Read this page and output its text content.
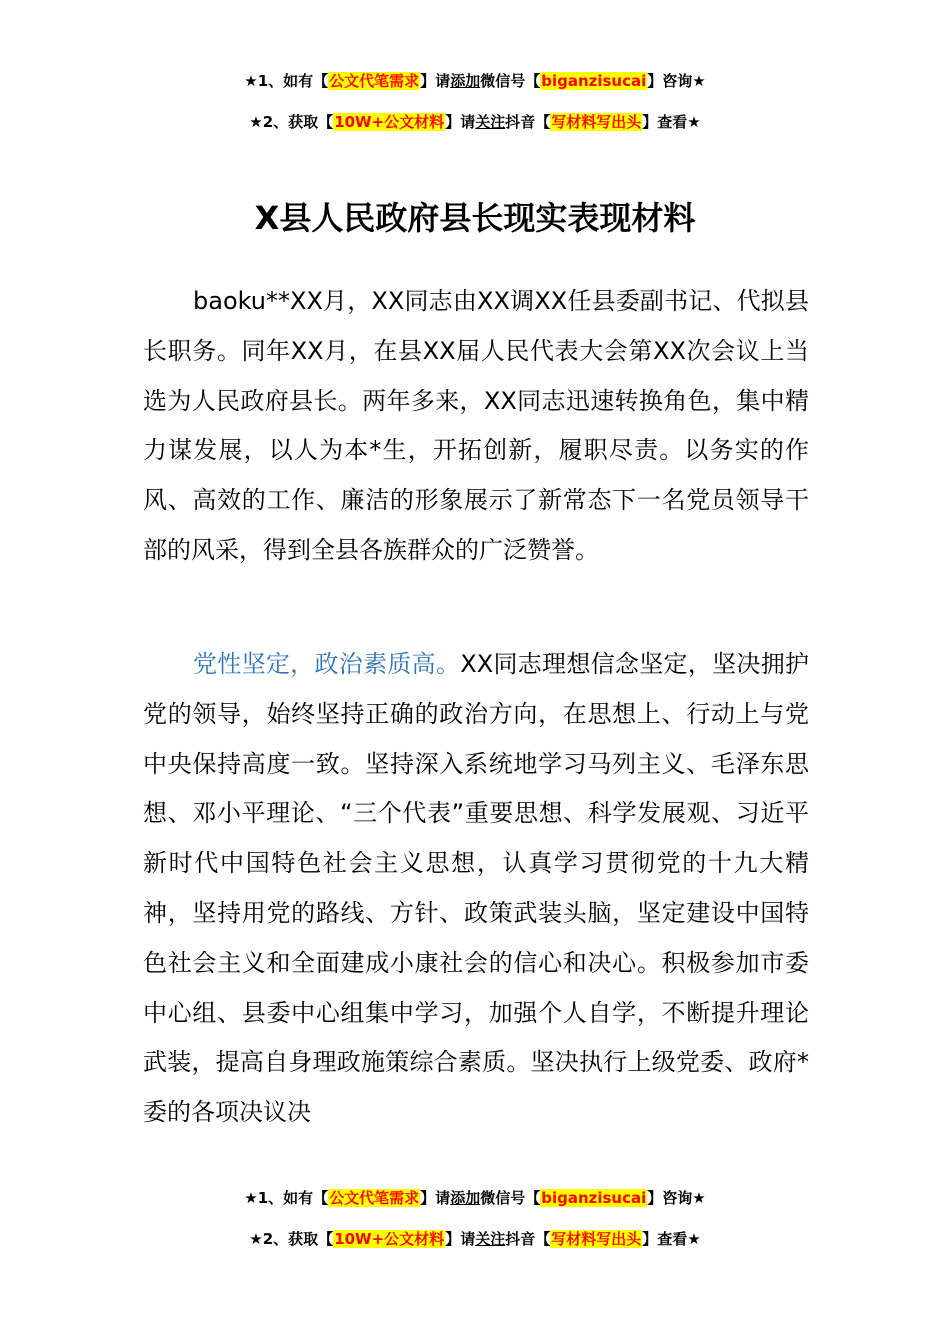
★1、如有【公文代笔需求】请添加微信号【biganzisucai】咨询★
★2、获取【10W+公文材料】请关注抖音【写材料写出头】查看★
X县人民政府县长现实表现材料

baoku**XX月，XX同志由XX调XX任县委副书记、代拟县长职务。同年XX月，在县XX届人民代表大会第XX次会议上当选为人民政府县长。两年多来，XX同志迅速转换角色，集中精力谋发展，以人为本*生，开拓创新，履职尽责。以务实的作风、高效的工作、廉洁的形象展示了新常态下一名党员领导干部的风采，得到全县各族群众的广泛赞誉。

党性坚定，政治素质高。XX同志理想信念坚定，坚决拥护党的领导，始终坚持正确的政治方向，在思想上、行动上与党中央保持高度一致。坚持深入系统地学习马列主义、毛泽东思想、邓小平理论、“三个代表”重要思想、科学发展观、习近平新时代中国特色社会主义思想，认真学习贯彻党的十九大精神，坚持用党的路线、方针、政策武装头脑，坚定建设中国特色社会主义和全面建成小康社会的信心和决心。积极参加市委中心组、县委中心组集中学习，加强个人自学，不断提升理论武装，提高自身理政施策综合素质。坚决执行上级党委、政府*委的各项决议决

★1、如有【公文代笔需求】请添加微信号【biganzisucai】咨询★
★2、获取【10W+公文材料】请关注抖音【写材料写出头】查看★
